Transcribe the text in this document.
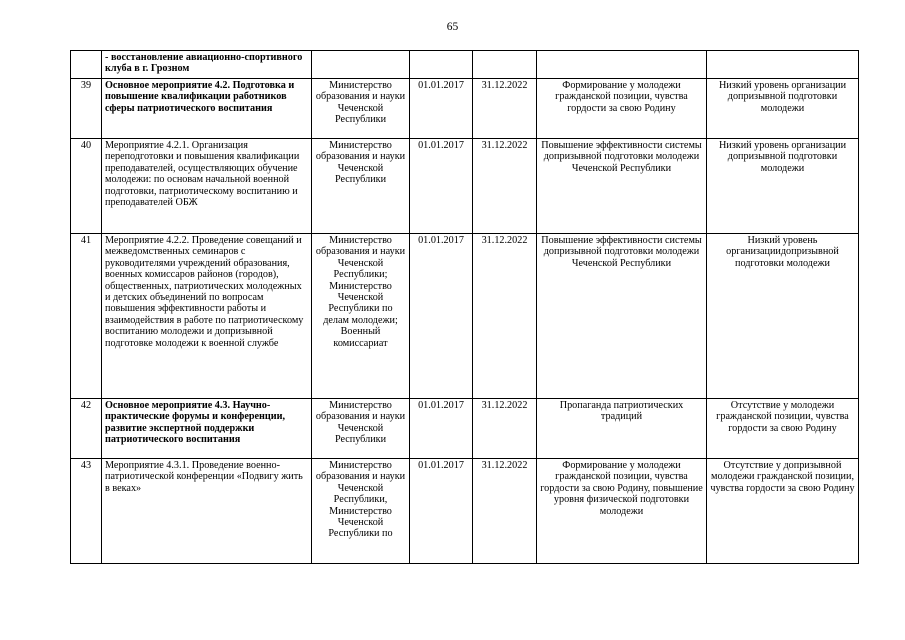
65
	- восстановление авиационно-спортивного клуба в г. Грозном					
39	Основное мероприятие 4.2. Подготовка и повышение квалификации работников сферы патриотического воспитания	Министерство образования и науки Чеченской Республики	01.01.2017	31.12.2022	Формирование у молодежи гражданской позиции, чувства гордости за свою Родину	Низкий уровень организации допризывной подготовки молодежи
40	Мероприятие 4.2.1. Организация переподготовки и повышения квалификации преподавателей, осуществляющих обучение молодежи: по основам начальной военной подготовки, патриотическому воспитанию и преподавателей ОБЖ	Министерство образования и науки Чеченской Республики	01.01.2017	31.12.2022	Повышение эффективности системы допризывной подготовки молодежи Чеченской Республики	Низкий уровень организации допризывной подготовки молодежи
41	Мероприятие 4.2.2. Проведение совещаний и межведомственных семинаров с руководителями учреждений образования, военных комиссаров районов (городов), общественных, патриотических молодежных и детских объединений по вопросам повышения эффективности работы и взаимодействия в работе по патриотическому воспитанию молодежи и допризывной подготовке молодежи к военной службе	Министерство образования и науки Чеченской Республики; Министерство Чеченской Республики по делам молодежи; Военный комиссариат	01.01.2017	31.12.2022	Повышение эффективности системы допризывной подготовки молодежи Чеченской Республики	Низкий уровень организациидопризывной подготовки молодежи
42	Основное мероприятие 4.3. Научно-практические форумы и конференции, развитие экспертной поддержки патриотического воспитания	Министерство образования и науки Чеченской Республики	01.01.2017	31.12.2022	Пропаганда патриотических традиций	Отсутствие у молодежи гражданской позиции, чувства гордости за свою Родину
43	Мероприятие 4.3.1. Проведение военно-патриотической конференции «Подвигу жить в веках»	Министерство образования и науки Чеченской Республики, Министерство Чеченской Республики по	01.01.2017	31.12.2022	Формирование у молодежи гражданской позиции, чувства гордости за свою Родину, повышение уровня физической подготовки молодежи	Отсутствие у допризывной молодежи гражданской позиции, чувства гордости за свою Родину
